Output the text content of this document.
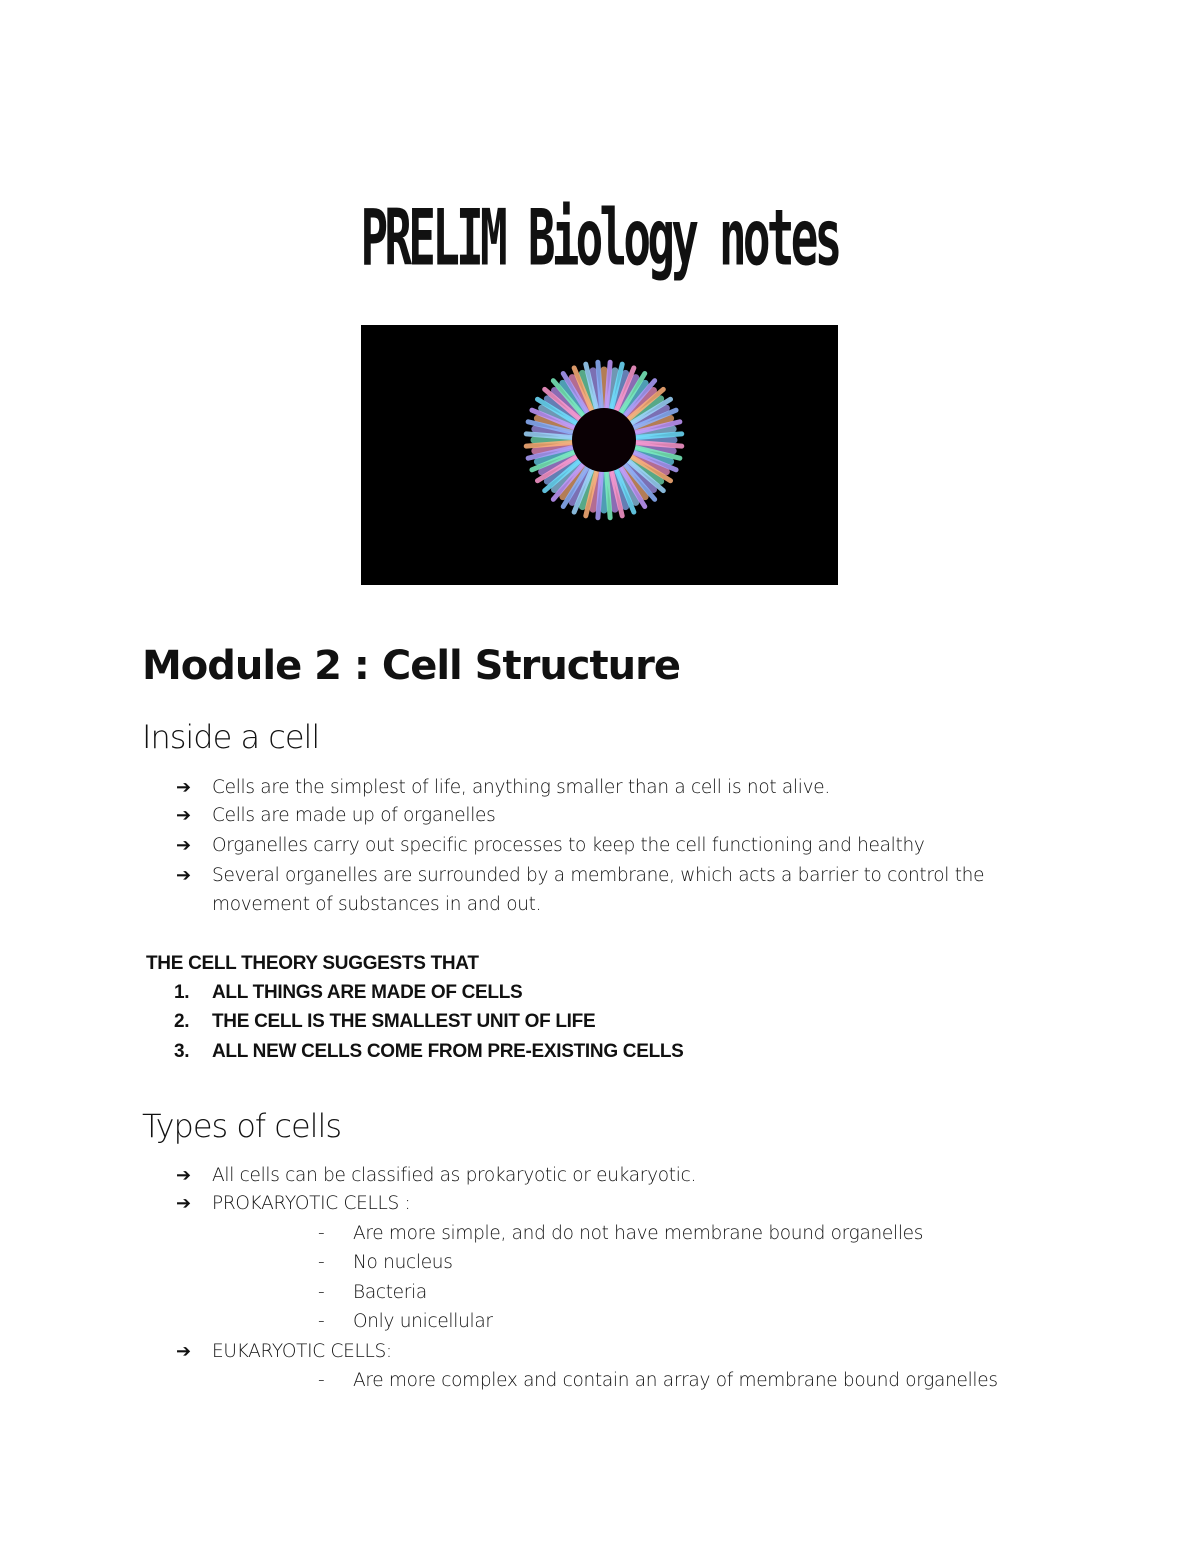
PRELIM Biology notes
Module 2 : Cell Structure
Inside a cell
➔ Cells are the simplest of life, anything smaller than a cell is not alive.
➔ Cells are made up of organelles
➔ Organelles carry out specific processes to keep the cell functioning and healthy
➔ Several organelles are surrounded by a membrane, which acts a barrier to control the
movement of substances in and out.
THE CELL THEORY SUGGESTS THAT
1. ALL THINGS ARE MADE OF CELLS
2. THE CELL IS THE SMALLEST UNIT OF LIFE
3. ALL NEW CELLS COME FROM PRE-EXISTING CELLS
Types of cells
➔ All cells can be classified as prokaryotic or eukaryotic.
➔ PROKARYOTIC CELLS :
- Are more simple, and do not have membrane bound organelles
- No nucleus
- Bacteria
- Only unicellular
➔ EUKARYOTIC CELLS:
- Are more complex and contain an array of membrane bound organelles
